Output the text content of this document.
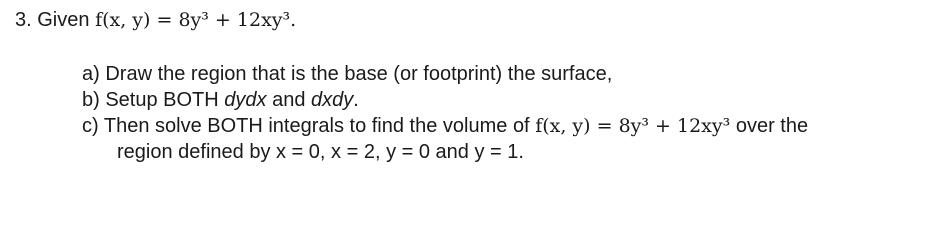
3. Given f(x, y) = 8y³ + 12xy³.
a) Draw the region that is the base (or footprint) the surface,
b) Setup BOTH dydx and dxdy.
c) Then solve BOTH integrals to find the volume of f(x, y) = 8y³ + 12xy³ over the
region defined by x = 0, x = 2, y = 0 and y = 1.
